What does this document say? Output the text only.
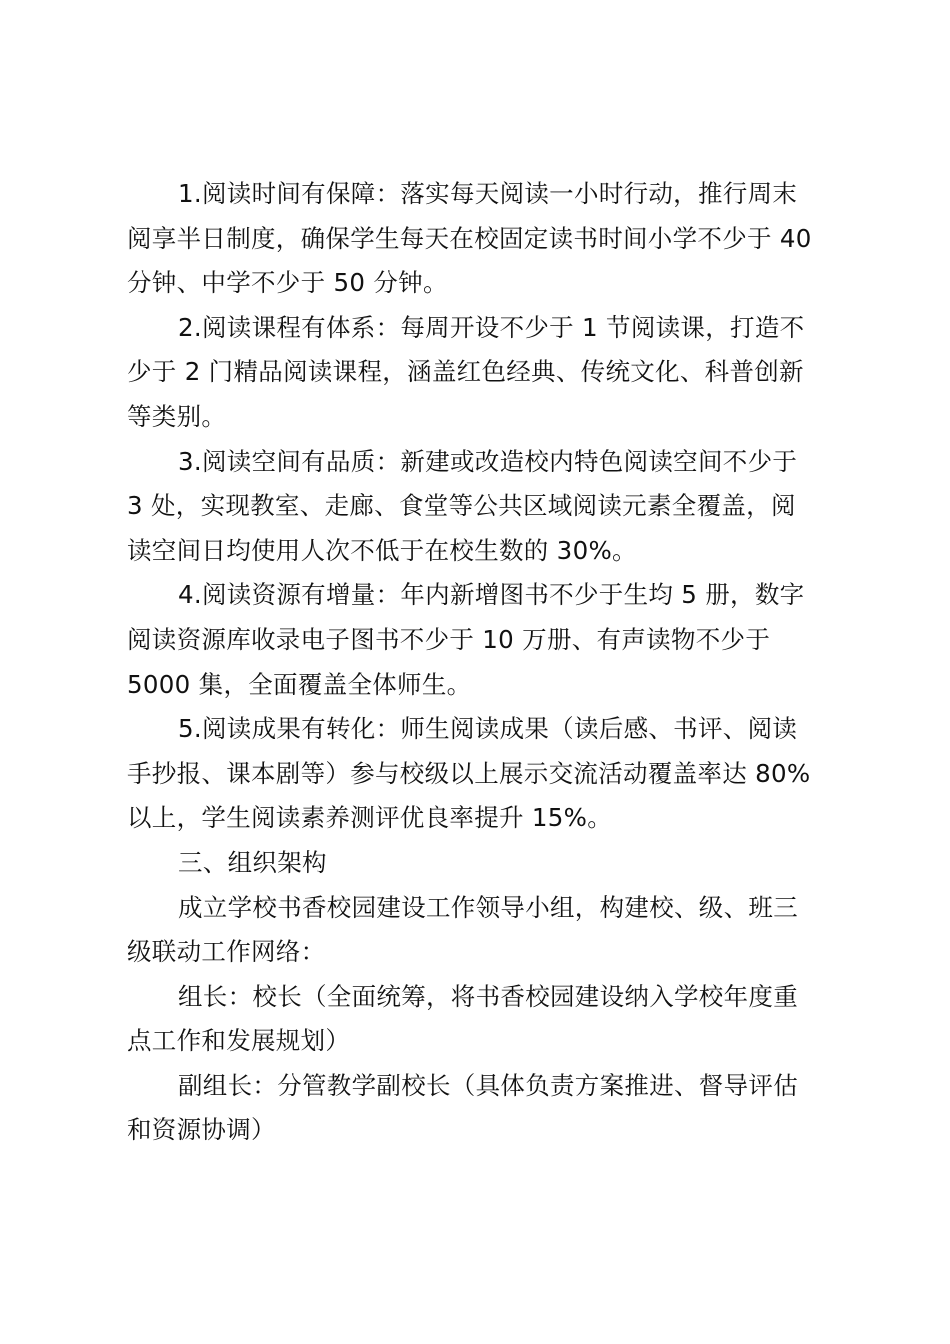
1.阅读时间有保障：落实每天阅读一小时行动，推行周末
阅享半日制度，确保学生每天在校固定读书时间小学不少于 40
分钟、中学不少于 50 分钟。
2.阅读课程有体系：每周开设不少于 1 节阅读课，打造不
少于 2 门精品阅读课程，涵盖红色经典、传统文化、科普创新
等类别。
3.阅读空间有品质：新建或改造校内特色阅读空间不少于
3 处，实现教室、走廊、食堂等公共区域阅读元素全覆盖，阅
读空间日均使用人次不低于在校生数的 30%。
4.阅读资源有增量：年内新增图书不少于生均 5 册，数字
阅读资源库收录电子图书不少于 10 万册、有声读物不少于
5000 集，全面覆盖全体师生。
5.阅读成果有转化：师生阅读成果（读后感、书评、阅读
手抄报、课本剧等）参与校级以上展示交流活动覆盖率达 80%
以上，学生阅读素养测评优良率提升 15%。
三、组织架构
成立学校书香校园建设工作领导小组，构建校、级、班三
级联动工作网络：
组长：校长（全面统筹，将书香校园建设纳入学校年度重
点工作和发展规划）
副组长：分管教学副校长（具体负责方案推进、督导评估
和资源协调）
